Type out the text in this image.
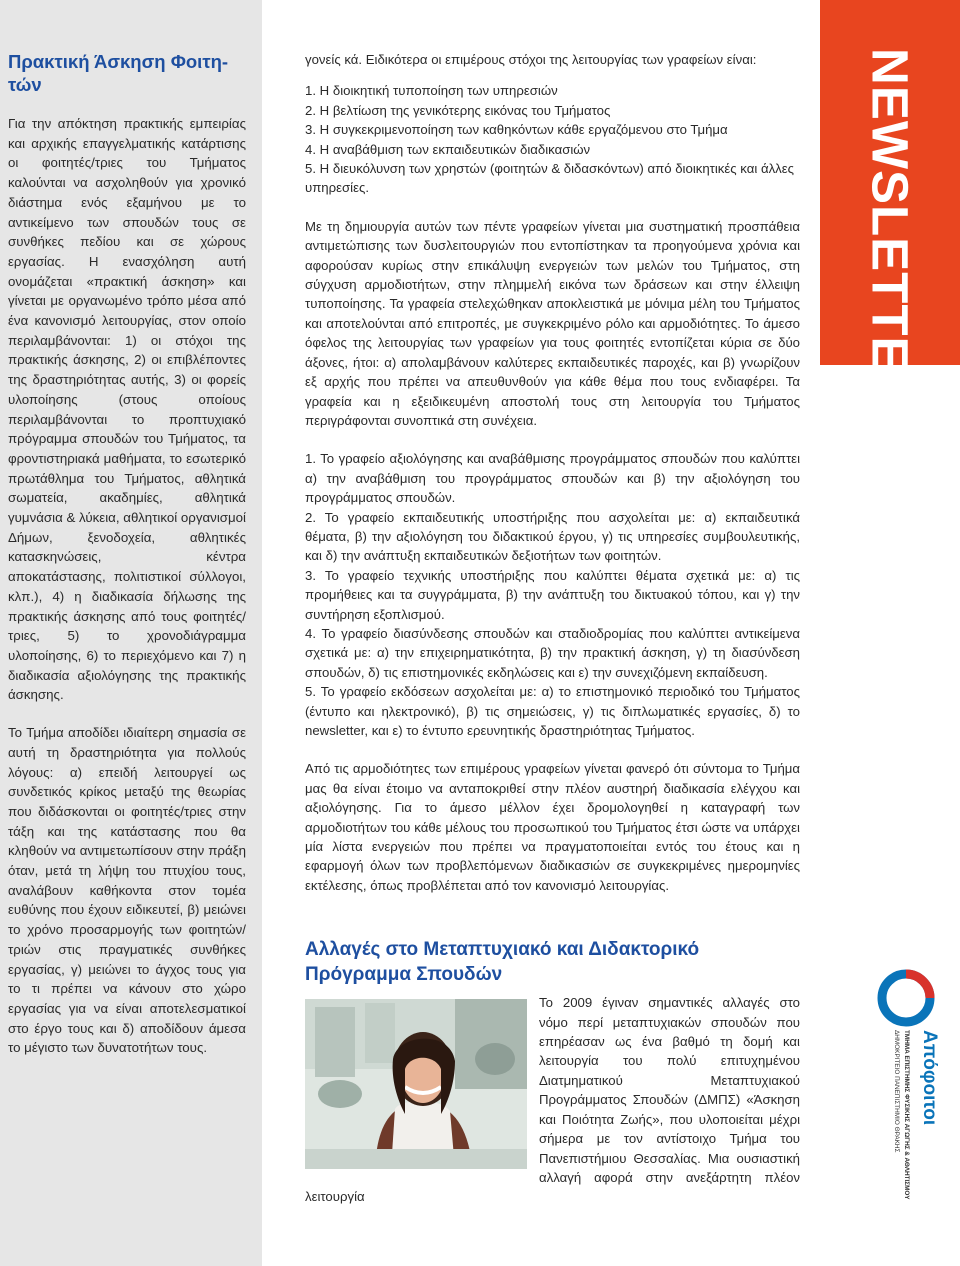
Πρακτική Άσκηση Φοιτη-
τών

Για την απόκτηση πρακτικής εμπειρίας και αρχικής επαγγελματικής κατάρτισης οι φοιτητές/τριες του Τμήματος καλούνται να ασχοληθούν για χρονικό διάστημα ενός εξαμήνου με το αντικείμενο των σπουδών τους σε συνθήκες πεδίου και σε χώρους εργασίας. Η ενασχόληση αυτή ονομάζεται «πρακτική άσκηση» και γίνεται με οργανωμένο τρόπο μέσα από ένα κανονισμό λειτουργίας, στον οποίο περιλαμβάνονται: 1) οι στόχοι της πρακτικής άσκησης, 2) οι επιβλέποντες της δραστηριότητας αυτής, 3) οι φορείς υλοποίησης (στους οποίους περιλαμβάνονται το προπτυχιακό πρόγραμμα σπουδών του Τμήματος, τα φροντιστηριακά μαθήματα, το εσωτερικό πρωτάθλημα του Τμήματος, αθλητικά σωματεία, ακαδημίες, αθλητικά γυμνάσια & λύκεια, αθλητικοί οργανισμοί Δήμων, ξενοδοχεία, αθλητικές κατασκηνώσεις, κέντρα αποκατάστασης, πολιτιστικοί σύλλογοι, κλπ.), 4) η διαδικασία δήλωσης της πρακτικής άσκησης από τους φοιτητές/τριες, 5) το χρονοδιάγραμμα υλοποίησης, 6) το περιεχόμενο και 7) η διαδικασία αξιολόγησης της πρακτικής άσκησης.

Το Τμήμα αποδίδει ιδιαίτερη σημασία σε αυτή τη δραστηριότητα για πολλούς λόγους: α) επειδή λειτουργεί ως συνδετικός κρίκος μεταξύ της θεωρίας που διδάσκονται οι φοιτητές/τριες στην τάξη και της κατάστασης που θα κληθούν να αντιμετωπίσουν στην πράξη όταν, μετά τη λήψη του πτυχίου τους, αναλάβουν καθήκοντα στον τομέα ευθύνης που έχουν ειδικευτεί, β) μειώνει το χρόνο προσαρμογής των φοιτητών/τριών στις πραγματικές συνθήκες εργασίας, γ) μειώνει το άγχος τους για το τι πρέπει να κάνουν στο χώρο εργασίας για να είναι αποτελεσματικοί στο έργο τους και δ) αποδίδουν άμεσα το μέγιστο των δυνατοτήτων τους.

γονείς κά. Ειδικότερα οι επιμέρους στόχοι της λειτουργίας των γραφείων είναι:

1. Η διοικητική τυποποίηση των υπηρεσιών
2. Η βελτίωση της γενικότερης εικόνας του Τμήματος
3. Η συγκεκριμενοποίηση των καθηκόντων κάθε εργαζόμενου στο Τμήμα
4. Η αναβάθμιση των εκπαιδευτικών διαδικασιών
5. Η διευκόλυνση των χρηστών (φοιτητών & διδασκόντων) από διοικητικές και άλλες υπηρεσίες.

Με τη δημιουργία αυτών των πέντε γραφείων γίνεται μια συστηματική προσπάθεια αντιμετώπισης των δυσλειτουργιών που εντοπίστηκαν τα προηγούμενα χρόνια και αφορούσαν κυρίως στην επικάλυψη ενεργειών των μελών του Τμήματος, στη σύγχυση αρμοδιοτήτων, στην πλημμελή εικόνα των δράσεων και στην έλλειψη τυποποίησης. Τα γραφεία στελεχώθηκαν αποκλειστικά με μόνιμα μέλη του Τμήματος και αποτελούνται από επιτροπές, με συγκεκριμένο ρόλο και αρμοδιότητες. Το άμεσο όφελος της λειτουργίας των γραφείων για τους φοιτητές εντοπίζεται κύρια σε δύο άξονες, ήτοι: α) απολαμβάνουν καλύτερες εκπαιδευτικές παροχές, και β) γνωρίζουν εξ αρχής που πρέπει να απευθυνθούν για κάθε θέμα που τους ενδιαφέρει. Τα γραφεία και η εξειδικευμένη αποστολή τους στη λειτουργία του Τμήματος περιγράφονται συνοπτικά στη συνέχεια.

1. Το γραφείο αξιολόγησης και αναβάθμισης προγράμματος σπουδών που καλύπτει α) την αναβάθμιση του προγράμματος σπουδών και β) την αξιολόγηση του προγράμματος σπουδών.

2. Το γραφείο εκπαιδευτικής υποστήριξης που ασχολείται με: α) εκπαιδευτικά θέματα, β) την αξιολόγηση του διδακτικού έργου, γ) τις υπηρεσίες συμβουλευτικής, και δ) την ανάπτυξη εκπαιδευτικών δεξιοτήτων των φοιτητών.

3. Το γραφείο τεχνικής υποστήριξης που καλύπτει θέματα σχετικά με: α) τις προμήθειες και τα συγγράμματα, β) την ανάπτυξη του δικτυακού τόπου, και γ) την συντήρηση εξοπλισμού.

4. Το γραφείο διασύνδεσης σπουδών και σταδιοδρομίας που καλύπτει αντικείμενα σχετικά με: α) την επιχειρηματικότητα, β) την πρακτική άσκηση, γ) τη διασύνδεση σπουδών, δ) τις επιστημονικές εκδηλώσεις και ε) την συνεχιζόμενη εκπαίδευση.

5. Το γραφείο εκδόσεων ασχολείται με: α) το επιστημονικό περιοδικό του Τμήματος (έντυπο και ηλεκτρονικό), β) τις σημειώσεις, γ) τις διπλωματικές εργασίες, δ) το newsletter, και ε) το έντυπο ερευνητικής δραστηριότητας Τμήματος.

Από τις αρμοδιότητες των επιμέρους γραφείων γίνεται φανερό ότι σύντομα το Τμήμα μας θα είναι έτοιμο να ανταποκριθεί στην πλέον αυστηρή διαδικασία ελέγχου και αξιολόγησης. Για το άμεσο μέλλον έχει δρομολογηθεί η καταγραφή των αρμοδιοτήτων του κάθε μέλους του προσωπικού του Τμήματος έτσι ώστε να υπάρχει μία λίστα ενεργειών που πρέπει να πραγματοποιείται εντός του έτους και η εφαρμογή όλων των προβλεπόμενων διαδικασιών σε συγκεκριμένες ημερομηνίες εκτέλεσης, όπως προβλέπεται από τον κανονισμό λειτουργίας.

Αλλαγές στο Μεταπτυχιακό και Διδακτορικό Πρόγραμμα Σπουδών

Το 2009 έγιναν σημαντικές αλλαγές στο νόμο περί μεταπτυχιακών σπουδών που επηρέασαν ως ένα βαθμό τη δομή και λειτουργία του πολύ επιτυχημένου Διατμηματικού Μεταπτυχιακού Προγράμματος Σπουδών (ΔΜΠΣ) «Άσκηση και Ποιότητα Ζωής», που υλοποιείται μέχρι σήμερα με τον αντίστοιχο Τμήμα του Πανεπιστήμιου Θεσσαλίας. Μια ουσιαστική αλλαγή αφορά στην ανεξάρτητη πλέον λειτουργία

NEWSLETTER
Απόφοιτοι
ΤΜΗΜΑ ΕΠΙΣΤΗΜΗΣ ΦΥΣΙΚΗΣ ΑΓΩΓΗΣ & ΑΘΛΗΤΙΣΜΟΥ
ΔΗΜΟΚΡΙΤΕΙΟ ΠΑΝΕΠΙΣΤΗΜΙΟ ΘΡΑΚΗΣ
